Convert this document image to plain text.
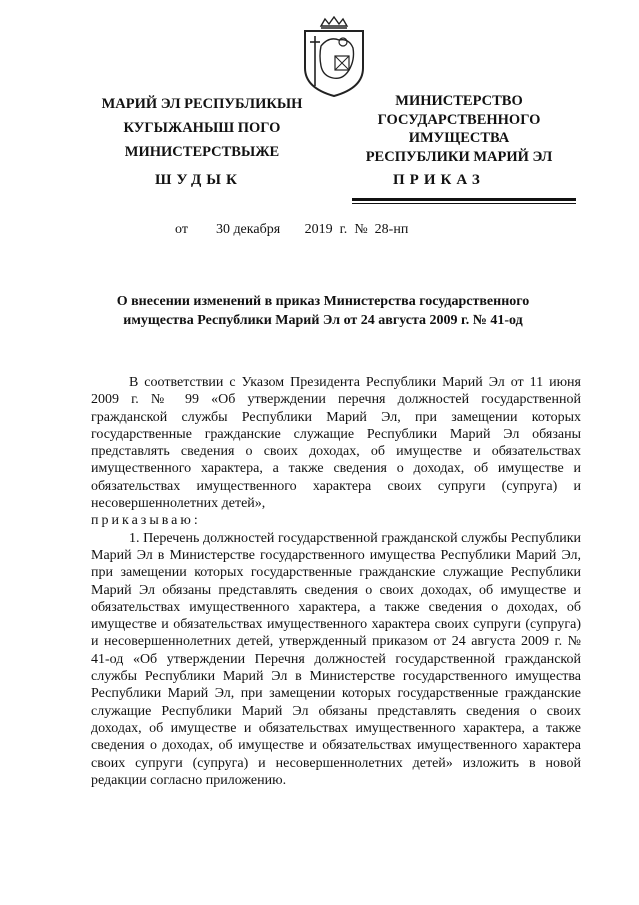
МАРИЙ ЭЛ РЕСПУБЛИКЫН
КУГЫЖАНЫШ ПОГО
МИНИСТЕРСТВЫЖЕ
МИНИСТЕРСТВО
ГОСУДАРСТВЕННОГО
ИМУЩЕСТВА
РЕСПУБЛИКИ МАРИЙ ЭЛ
ШУДЫК	ПРИКАЗ
от 30 декабря 2019 г. № 28-нп
О внесении изменений в приказ Министерства государственного
имущества Республики Марий Эл от 24 августа 2009 г. № 41-од

В соответствии с Указом Президента Республики Марий Эл от 11 июня 2009 г. № 99 «Об утверждении перечня должностей государственной гражданской службы Республики Марий Эл, при замещении которых государственные гражданские служащие Республики Марий Эл обязаны представлять сведения о своих доходах, об имуществе и обязательствах имущественного характера, а также сведения о доходах, об имуществе и обязательствах имущественного характера своих супруги (супруга) и несовершеннолетних детей»,

приказываю:

1. Перечень должностей государственной гражданской службы Республики Марий Эл в Министерстве государственного имущества Республики Марий Эл, при замещении которых государственные гражданские служащие Республики Марий Эл обязаны представлять сведения о своих доходах, об имуществе и обязательствах имущественного характера, а также сведения о доходах, об имуществе и обязательствах имущественного характера своих супруги (супруга) и несовершеннолетних детей, утвержденный приказом от 24 августа 2009 г. № 41-од «Об утверждении Перечня должностей государственной гражданской службы Республики Марий Эл в Министерстве государственного имущества Республики Марий Эл, при замещении которых государственные гражданские служащие Республики Марий Эл обязаны представлять сведения о своих доходах, об имуществе и обязательствах имущественного характера, а также сведения о доходах, об имуществе и обязательствах имущественного характера своих супруги (супруга) и несовершеннолетних детей» изложить в новой редакции согласно приложению.
